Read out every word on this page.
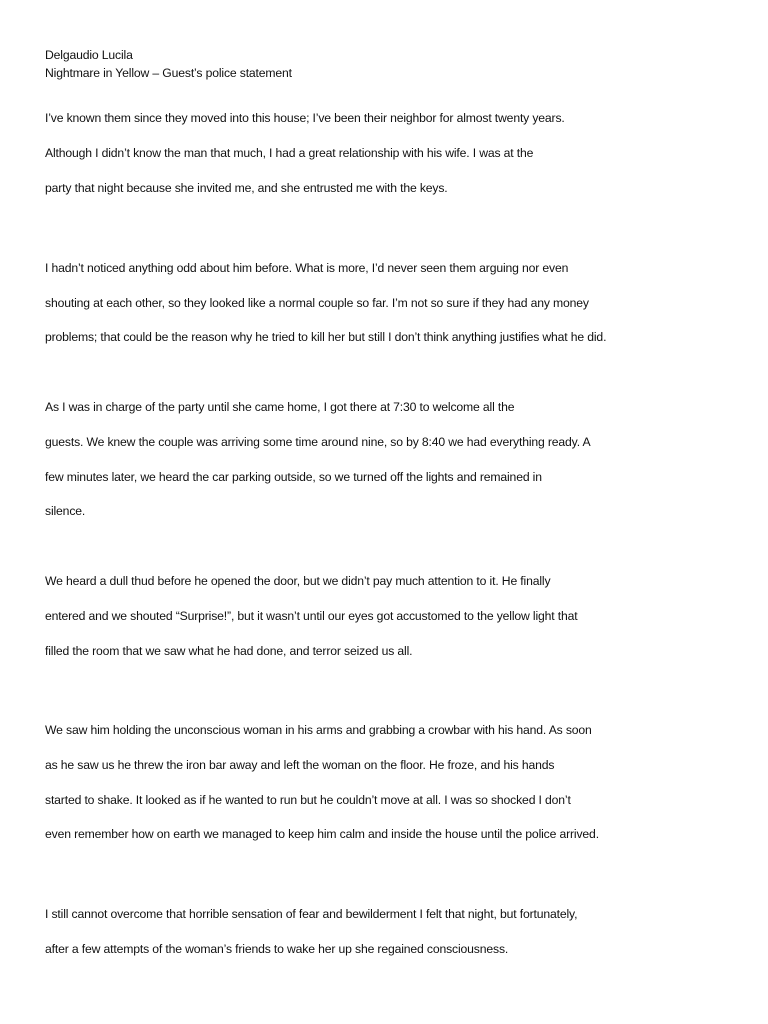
Delgaudio Lucila
Nightmare in Yellow – Guest’s police statement
I’ve known them since they moved into this house; I’ve been their neighbor for almost twenty years.
Although I didn’t know the man that much, I had a great relationship with his wife. I was at the
party that night because she invited me, and she entrusted me with the keys.
I hadn’t noticed anything odd about him before. What is more, I’d never seen them arguing nor even
shouting at each other, so they looked like a normal couple so far. I’m not so sure if they had any money
problems; that could be the reason why he tried to kill her but still I don’t think anything justifies what he did.
As I was in charge of the party until she came home, I got there at 7:30 to welcome all the
guests. We knew the couple was arriving some time around nine, so by 8:40 we had everything ready. A
few minutes later, we heard the car parking outside, so we turned off the lights and remained in
silence.
We heard a dull thud before he opened the door, but we didn’t pay much attention to it. He finally
entered and we shouted “Surprise!”, but it wasn’t until our eyes got accustomed to the yellow light that
filled the room that we saw what he had done, and terror seized us all.
We saw him holding the unconscious woman in his arms and grabbing a crowbar with his hand. As soon
as he saw us he threw the iron bar away and left the woman on the floor. He froze, and his hands
started to shake. It looked as if he wanted to run but he couldn’t move at all. I was so shocked I don’t
even remember how on earth we managed to keep him calm and inside the house until the police arrived.
I still cannot overcome that horrible sensation of fear and bewilderment I felt that night, but fortunately,
after a few attempts of the woman’s friends to wake her up she regained consciousness.
